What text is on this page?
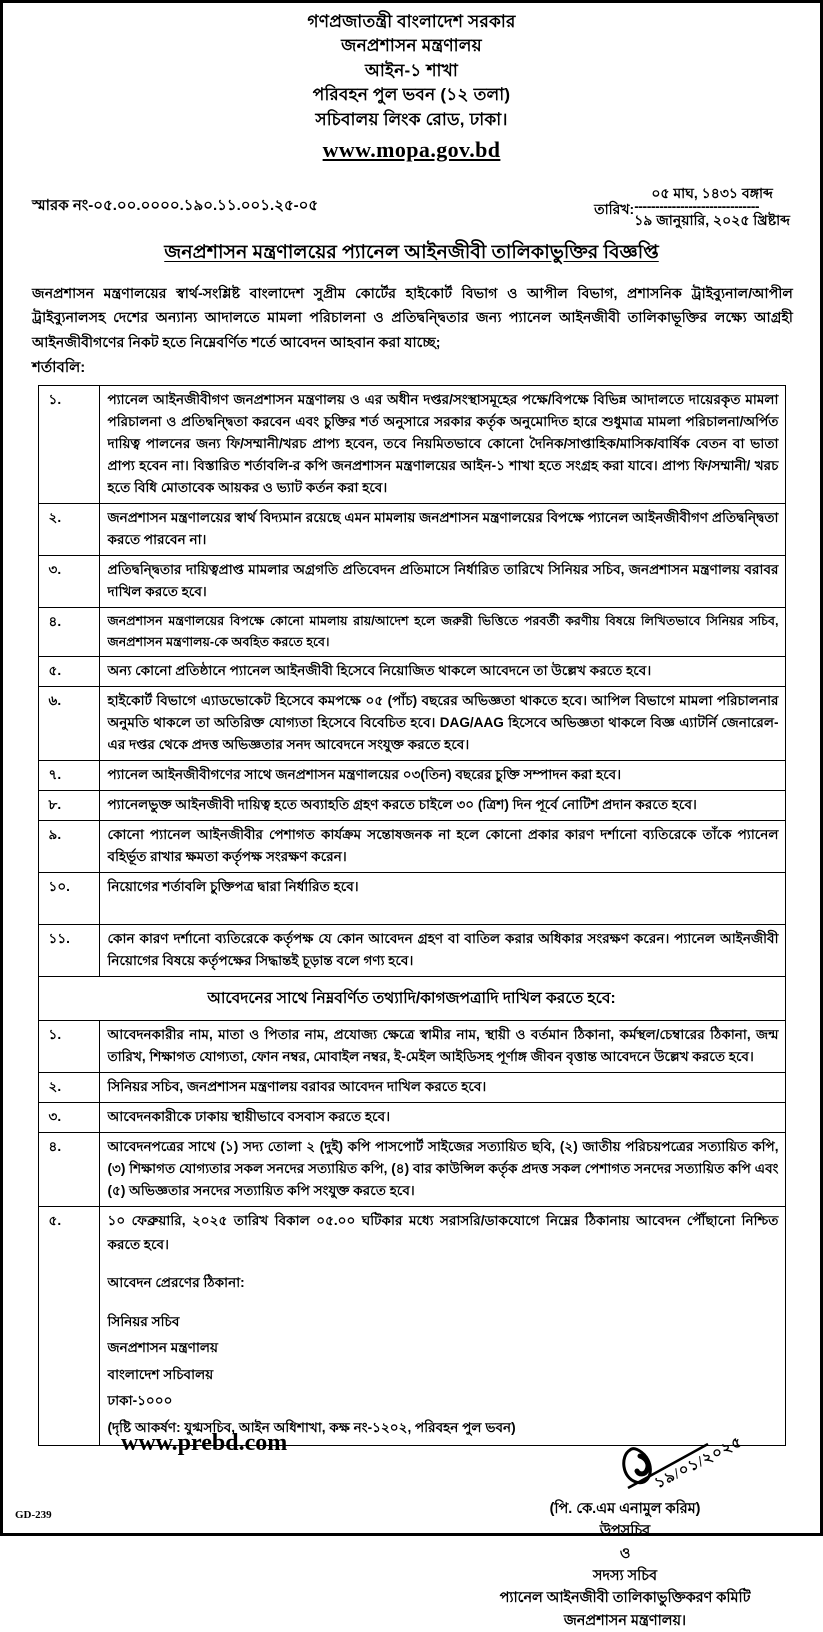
গণপ্রজাতন্ত্রী বাংলাদেশ সরকার
জনপ্রশাসন মন্ত্রণালয়
আইন-১ শাখা
পরিবহন পুল ভবন (১২ তলা)
সচিবালয় লিংক রোড, ঢাকা।
www.mopa.gov.bd
স্মারক নং-০৫.০০.০০০০.১৯০.১১.০০১.২৫-০৫	তারিখ:
০৫ মাঘ, ১৪৩১ বঙ্গাব্দ
------------------------------
১৯ জানুয়ারি, ২০২৫ খ্রিষ্টাব্দ
জনপ্রশাসন মন্ত্রণালয়ের প্যানেল আইনজীবী তালিকাভুক্তির বিজ্ঞপ্তি
জনপ্রশাসন মন্ত্রণালয়ের স্বার্থ-সংশ্লিষ্ট বাংলাদেশ সুপ্রীম কোর্টের হাইকোর্ট বিভাগ ও আপীল বিভাগ, প্রশাসনিক ট্রাইব্যুনাল/আপীল ট্রাইব্যুনালসহ দেশের অন্যান্য আদালতে মামলা পরিচালনা ও প্রতিদ্বন্দ্বিতার জন্য প্যানেল আইনজীবী তালিকাভূক্তির লক্ষ্যে আগ্রহী আইনজীবীগণের নিকট হতে নিম্নেবর্ণিত শর্তে আবেদন আহবান করা যাচ্ছে;
শর্তাবলি:
১.	প্যানেল আইনজীবীগণ জনপ্রশাসন মন্ত্রণালয় ও এর অধীন দপ্তর/সংস্থাসমূহের পক্ষে/বিপক্ষে বিভিন্ন আদালতে দায়েরকৃত মামলা পরিচালনা ও প্রতিদ্বন্দ্বিতা করবেন এবং চুক্তির শর্ত অনুসারে সরকার কর্তৃক অনুমোদিত হারে শুধুমাত্র মামলা পরিচালনা/অর্পিত দায়িত্ব পালনের জন্য ফি/সম্মানী/খরচ প্রাপ্য হবেন, তবে নিয়মিতভাবে কোনো দৈনিক/সাপ্তাহিক/মাসিক/বার্ষিক বেতন বা ভাতা প্রাপ্য হবেন না। বিস্তারিত শর্তাবলি-র কপি জনপ্রশাসন মন্ত্রণালয়ের আইন-১ শাখা হতে সংগ্রহ করা যাবে। প্রাপ্য ফি/সম্মানী/ খরচ হতে বিধি মোতাবেক আয়কর ও ভ্যাট কর্তন করা হবে।
২.	জনপ্রশাসন মন্ত্রণালয়ের স্বার্থ বিদ্যমান রয়েছে এমন মামলায় জনপ্রশাসন মন্ত্রণালয়ের বিপক্ষে প্যানেল আইনজীবীগণ প্রতিদ্বন্দ্বিতা করতে পারবেন না।
৩.	প্রতিদ্বন্দ্বিতার দায়িত্বপ্রাপ্ত মামলার অগ্রগতি প্রতিবেদন প্রতিমাসে নির্ধারিত তারিখে সিনিয়র সচিব, জনপ্রশাসন মন্ত্রণালয় বরাবর দাখিল করতে হবে।
৪.	জনপ্রশাসন মন্ত্রণালয়ের বিপক্ষে কোনো মামলায় রায়/আদেশ হলে জরুরী ভিত্তিতে পরবর্তী করণীয় বিষয়ে লিখিতভাবে সিনিয়র সচিব, জনপ্রশাসন মন্ত্রণালয়-কে অবহিত করতে হবে।
৫.	অন্য কোনো প্রতিষ্ঠানে প্যানেল আইনজীবী হিসেবে নিয়োজিত থাকলে আবেদনে তা উল্লেখ করতে হবে।
৬.	হাইকোর্ট বিভাগে এ্যাডভোকেট হিসেবে কমপক্ষে ০৫ (পাঁচ) বছরের অভিজ্ঞতা থাকতে হবে। আপিল বিভাগে মামলা পরিচালনার অনুমতি থাকলে তা অতিরিক্ত যোগ্যতা হিসেবে বিবেচিত হবে। DAG/AAG হিসেবে অভিজ্ঞতা থাকলে বিজ্ঞ এ্যাটর্নি জেনারেল-এর দপ্তর থেকে প্রদত্ত অভিজ্ঞতার সনদ আবেদনে সংযুক্ত করতে হবে।
৭.	প্যানেল আইনজীবীগণের সাথে জনপ্রশাসন মন্ত্রণালয়ের ০৩(তিন) বছরের চুক্তি সম্পাদন করা হবে।
৮.	প্যানেলভুক্ত আইনজীবী দায়িত্ব হতে অব্যাহতি গ্রহণ করতে চাইলে ৩০ (ত্রিশ) দিন পূর্বে নোটিশ প্রদান করতে হবে।
৯.	কোনো প্যানেল আইনজীবীর পেশাগত কার্যক্রম সন্তোষজনক না হলে কোনো প্রকার কারণ দর্শানো ব্যতিরেকে তাঁকে প্যানেল বহির্ভূত রাখার ক্ষমতা কর্তৃপক্ষ সংরক্ষণ করেন।
১০.	নিয়োগের শর্তাবলি চুক্তিপত্র দ্বারা নির্ধারিত হবে।
১১.	কোন কারণ দর্শানো ব্যতিরেকে কর্তৃপক্ষ যে কোন আবেদন গ্রহণ বা বাতিল করার অধিকার সংরক্ষণ করেন। প্যানেল আইনজীবী নিয়োগের বিষয়ে কর্তৃপক্ষের সিদ্ধান্তই চূড়ান্ত বলে গণ্য হবে।
আবেদনের সাথে নিম্নবর্ণিত তথ্যাদি/কাগজপত্রাদি দাখিল করতে হবে:	
১.	আবেদনকারীর নাম, মাতা ও পিতার নাম, প্রযোজ্য ক্ষেত্রে স্বামীর নাম, স্থায়ী ও বর্তমান ঠিকানা, কর্মস্থল/চেম্বারের ঠিকানা, জন্ম তারিখ, শিক্ষাগত যোগ্যতা, ফোন নম্বর, মোবাইল নম্বর, ই-মেইল আইডিসহ পূর্ণাঙ্গ জীবন বৃত্তান্ত আবেদনে উল্লেখ করতে হবে।
২.	সিনিয়র সচিব, জনপ্রশাসন মন্ত্রণালয় বরাবর আবেদন দাখিল করতে হবে।
৩.	আবেদনকারীকে ঢাকায় স্থায়ীভাবে বসবাস করতে হবে।
৪.	আবেদনপত্রের সাথে (১) সদ্য তোলা ২ (দুই) কপি পাসপোর্ট সাইজের সত্যায়িত ছবি, (২) জাতীয় পরিচয়পত্রের সত্যায়িত কপি, (৩) শিক্ষাগত যোগ্যতার সকল সনদের সত্যায়িত কপি, (৪) বার কাউন্সিল কর্তৃক প্রদত্ত সকল পেশাগত সনদের সত্যায়িত কপি এবং (৫) অভিজ্ঞতার সনদের সত্যায়িত কপি সংযুক্ত করতে হবে।
৫.	১০ ফেব্রুয়ারি, ২০২৫ তারিখ বিকাল ০৫.০০ ঘটিকার মধ্যে সরাসরি/ডাকযোগে নিম্নের ঠিকানায় আবেদন পৌঁছানো নিশ্চিত করতে হবে।
আবেদন প্রেরণের ঠিকানা:
সিনিয়র সচিব
জনপ্রশাসন মন্ত্রণালয়
বাংলাদেশ সচিবালয়
ঢাকা-১০০০
(দৃষ্টি আকর্ষণ: যুগ্মসচিব, আইন অধিশাখা, কক্ষ নং-১২০২, পরিবহন পুল ভবন)
১৯/০১/২০২৫
(পি. কে.এম এনামুল করিম)
উপসচিব
ও
সদস্য সচিব
প্যানেল আইনজীবী তালিকাভুক্তিকরণ কমিটি
জনপ্রশাসন মন্ত্রণালয়।
www.prebd.com
GD-239
